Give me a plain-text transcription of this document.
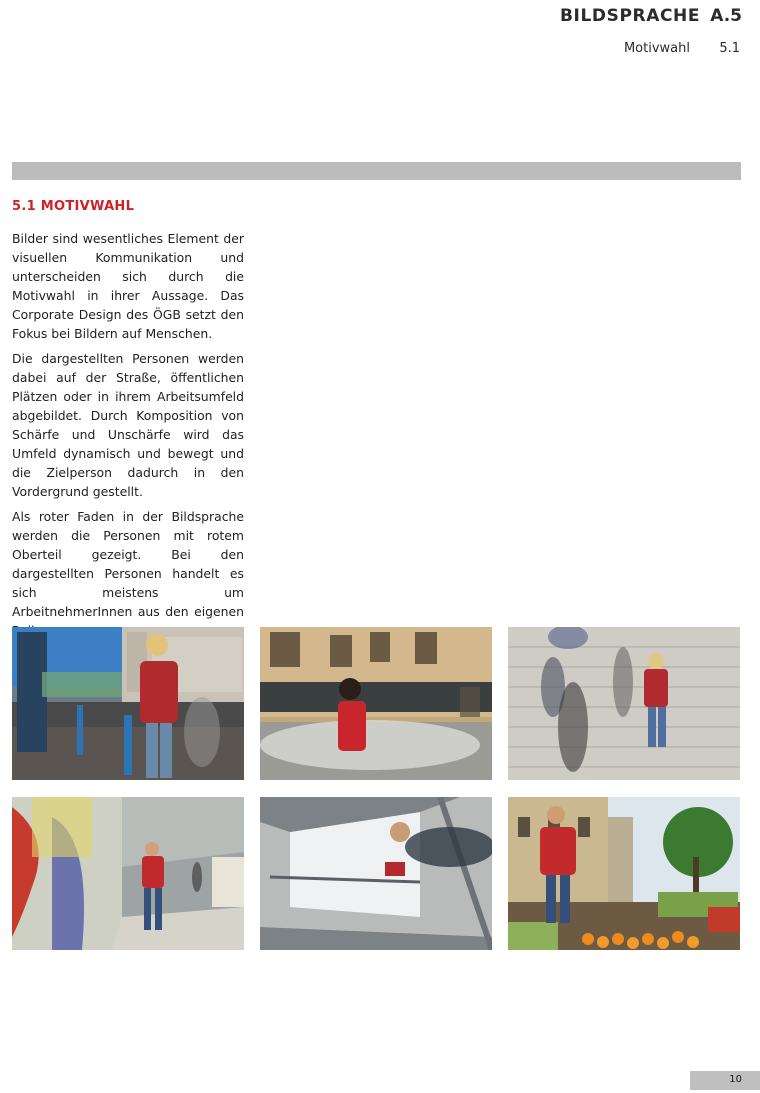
BILDSPRACHE A.5
Motivwahl	5.1
5.1 MOTIVWAHL

Bilder sind wesentliches Element der visuellen Kommunikation und unterscheiden sich durch die Motivwahl in ihrer Aussage. Das Corporate Design des ÖGB setzt den Fokus bei Bildern auf Menschen.

Die dargestellten Personen werden dabei auf der Straße, öffentlichen Plätzen oder in ihrem Arbeitsumfeld abgebildet. Durch Komposition von Schärfe und Unschärfe wird das Umfeld dynamisch und bewegt und die Zielperson dadurch in den Vordergrund gestellt.

Als roter Faden in der Bildsprache werden die Personen mit rotem Oberteil gezeigt. Bei den dargestellten Personen handelt es sich meistens um ArbeitnehmerInnen aus den eigenen

10
